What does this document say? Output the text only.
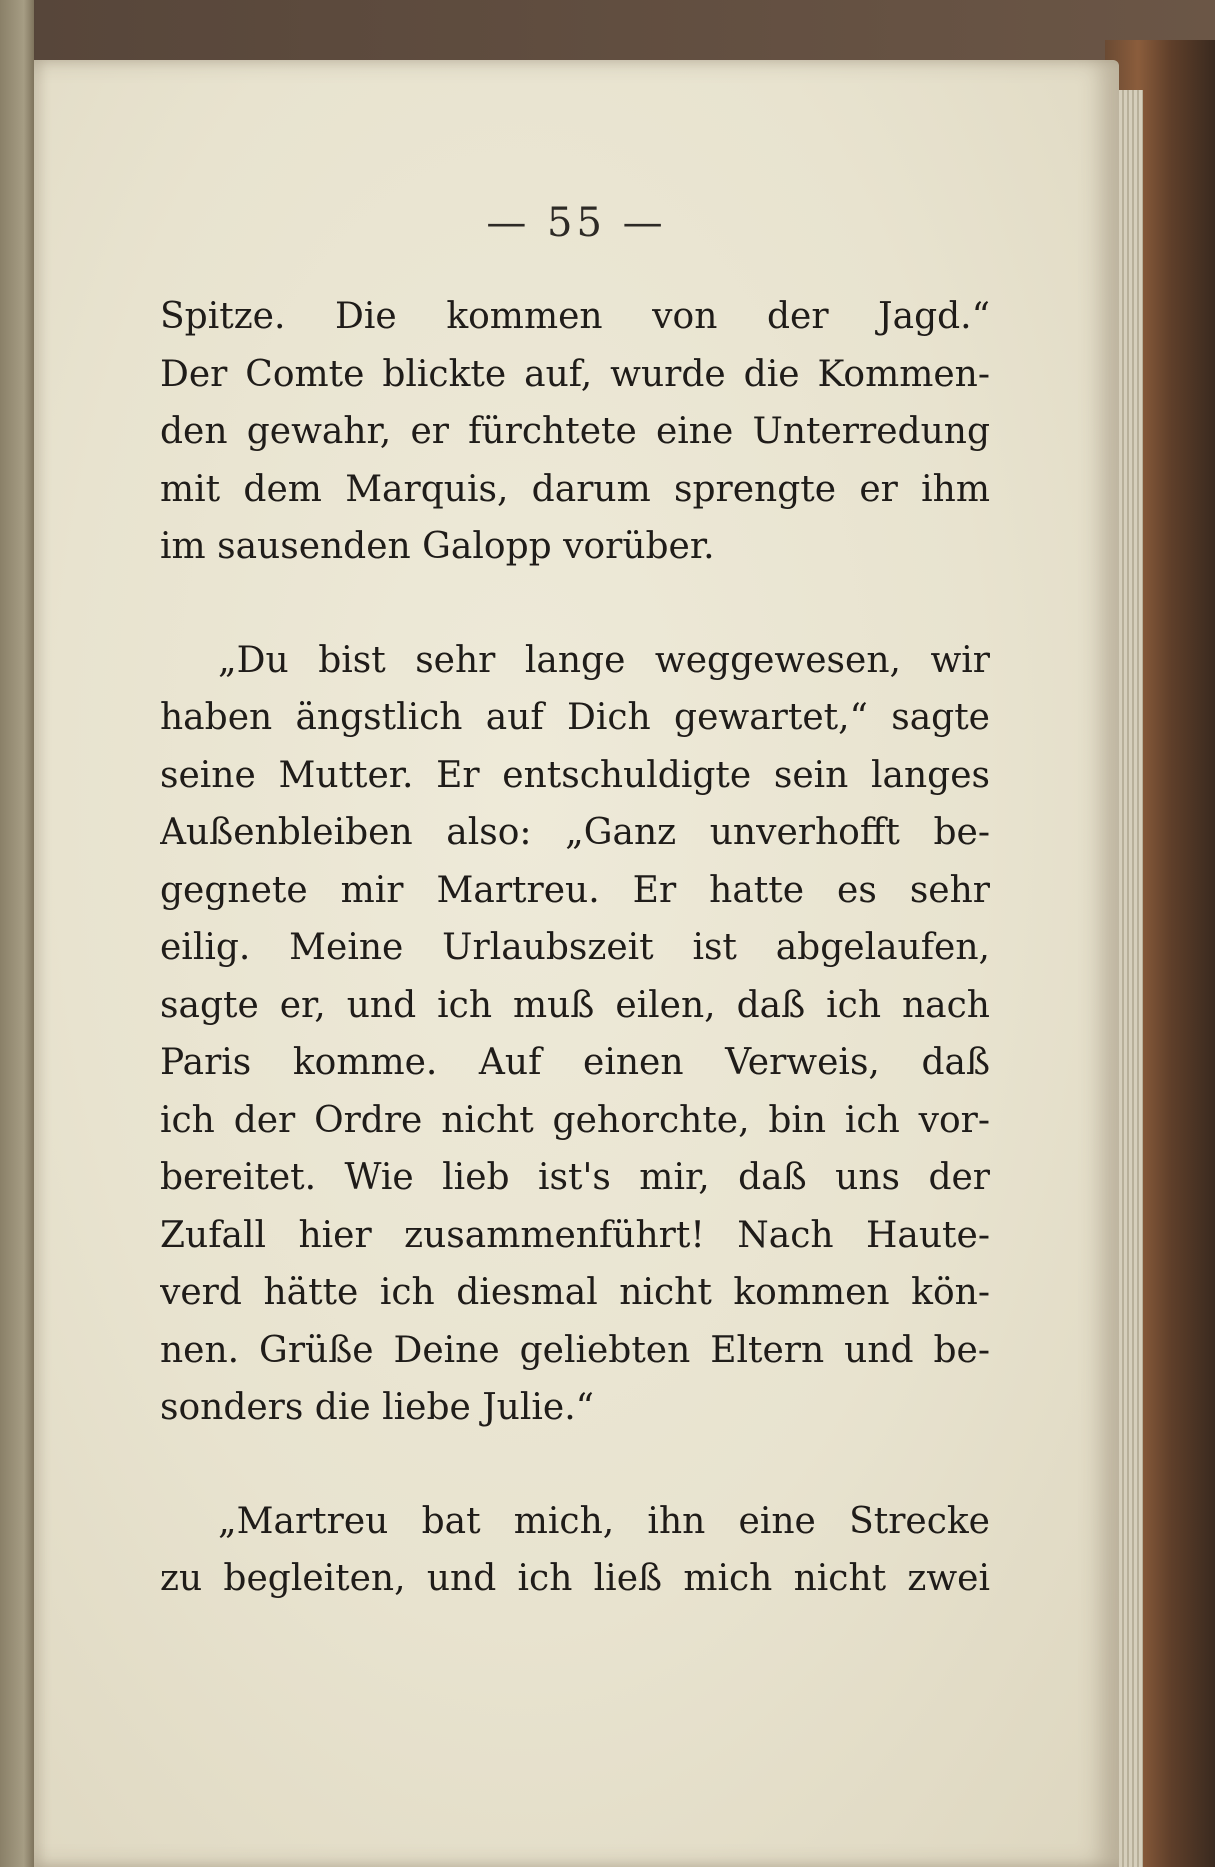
— 55 —
Spitze. Die kommen von der Jagd.“
Der Comte blickte auf, wurde die Kommen-
den gewahr, er fürchtete eine Unterredung
mit dem Marquis, darum sprengte er ihm
im sausenden Galopp vorüber.
„Du bist sehr lange weggewesen, wir
haben ängstlich auf Dich gewartet,“ sagte
seine Mutter. Er entschuldigte sein langes
Außenbleiben also: „Ganz unverhofft be-
gegnete mir Martreu. Er hatte es sehr
eilig. Meine Urlaubszeit ist abgelaufen,
sagte er, und ich muß eilen, daß ich nach
Paris komme. Auf einen Verweis, daß
ich der Ordre nicht gehorchte, bin ich vor-
bereitet. Wie lieb ist's mir, daß uns der
Zufall hier zusammenführt! Nach Haute-
verd hätte ich diesmal nicht kommen kön-
nen. Grüße Deine geliebten Eltern und be-
sonders die liebe Julie.“
„Martreu bat mich, ihn eine Strecke
zu begleiten, und ich ließ mich nicht zwei
